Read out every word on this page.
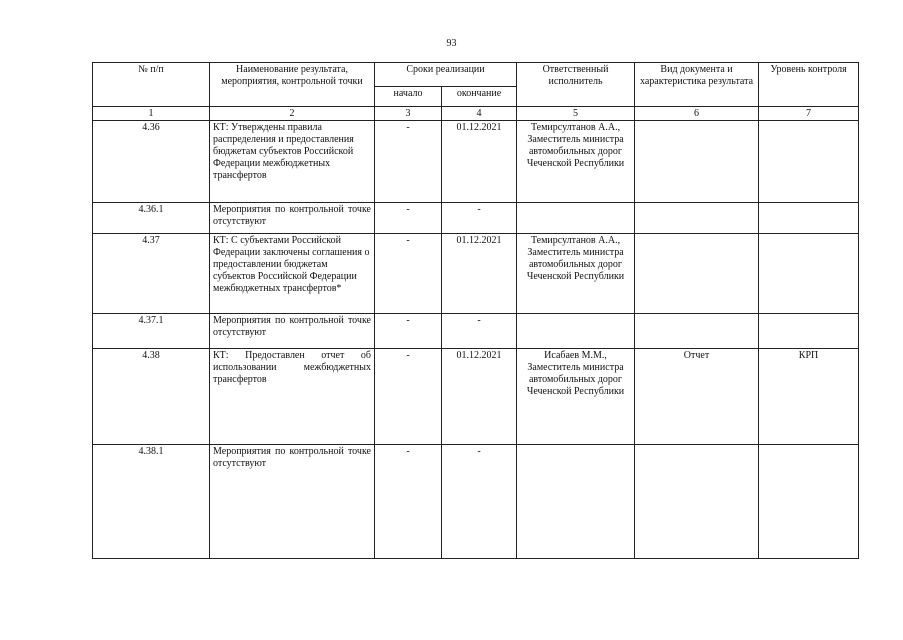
93
№ п/п	Наименование результата, мероприятия, контрольной точки	Сроки реализации		Ответственный исполнитель	Вид документа и характеристика результата	Уровень контроля
		начало	окончание			
1	2	3	4	5	6	7
4.36	КТ: Утверждены правила распределения и предоставления бюджетам субъектов Российской Федерации межбюджетных трансфертов	-	01.12.2021	Темирсултанов А.А., Заместитель министра автомобильных дорог Чеченской Республики		
4.36.1	Мероприятия по контрольной точке отсутствуют	-	-			
4.37	КТ: С субъектами Российской Федерации заключены соглашения о предоставлении бюджетам субъектов Российской Федерации межбюджетных трансфертов*	-	01.12.2021	Темирсултанов А.А., Заместитель министра автомобильных дорог Чеченской Республики		
4.37.1	Мероприятия по контрольной точке отсутствуют	-	-			
4.38	КТ: Предоставлен отчет об использовании межбюджетных трансфертов	-	01.12.2021	Исабаев М.М., Заместитель министра автомобильных дорог Чеченской Республики	Отчет	КРП
4.38.1	Мероприятия по контрольной точке отсутствуют	-	-			
